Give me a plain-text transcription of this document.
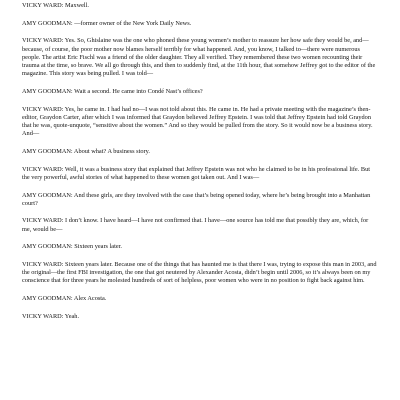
VICKY WARD: Maxwell.

AMY GOODMAN: —former owner of the New York Daily News.

VICKY WARD: Yes. So, Ghislaine was the one who phoned these young women’s mother to reassure her how safe they would be, and—because, of course, the poor mother now blames herself terribly for what happened. And, you know, I talked to—there were numerous people. The artist Eric Fischl was a friend of the older daughter. They all verified. They remembered these two women recounting their trauma at the time, so brave. We all go through this, and then to suddenly find, at the 11th hour, that somehow Jeffrey got to the editor of the magazine. This story was being pulled. I was told—

AMY GOODMAN: Wait a second. He came into Condé Nast’s offices?

VICKY WARD: Yes, he came in. I had had no—I was not told about this. He came in. He had a private meeting with the magazine’s then-editor, Graydon Carter, after which I was informed that Graydon believed Jeffrey Epstein. I was told that Jeffrey Epstein had told Graydon that he was, quote-unquote, “sensitive about the women.” And so they would be pulled from the story. So it would now be a business story. And—

AMY GOODMAN: About what? A business story.

VICKY WARD: Well, it was a business story that explained that Jeffrey Epstein was not who he claimed to be in his professional life. But the very powerful, awful stories of what happened to these women got taken out. And I was—

AMY GOODMAN: And these girls, are they involved with the case that’s being opened today, where he’s being brought into a Manhattan court?

VICKY WARD: I don’t know. I have heard—I have not confirmed that. I have—one source has told me that possibly they are, which, for me, would be—

AMY GOODMAN: Sixteen years later.

VICKY WARD: Sixteen years later. Because one of the things that has haunted me is that there I was, trying to expose this man in 2003, and the original—the first FBI investigation, the one that got neutered by Alexander Acosta, didn’t begin until 2006, so it’s always been on my conscience that for three years he molested hundreds of sort of helpless, poor women who were in no position to fight back against him.

AMY GOODMAN: Alex Acosta.

VICKY WARD: Yeah.
